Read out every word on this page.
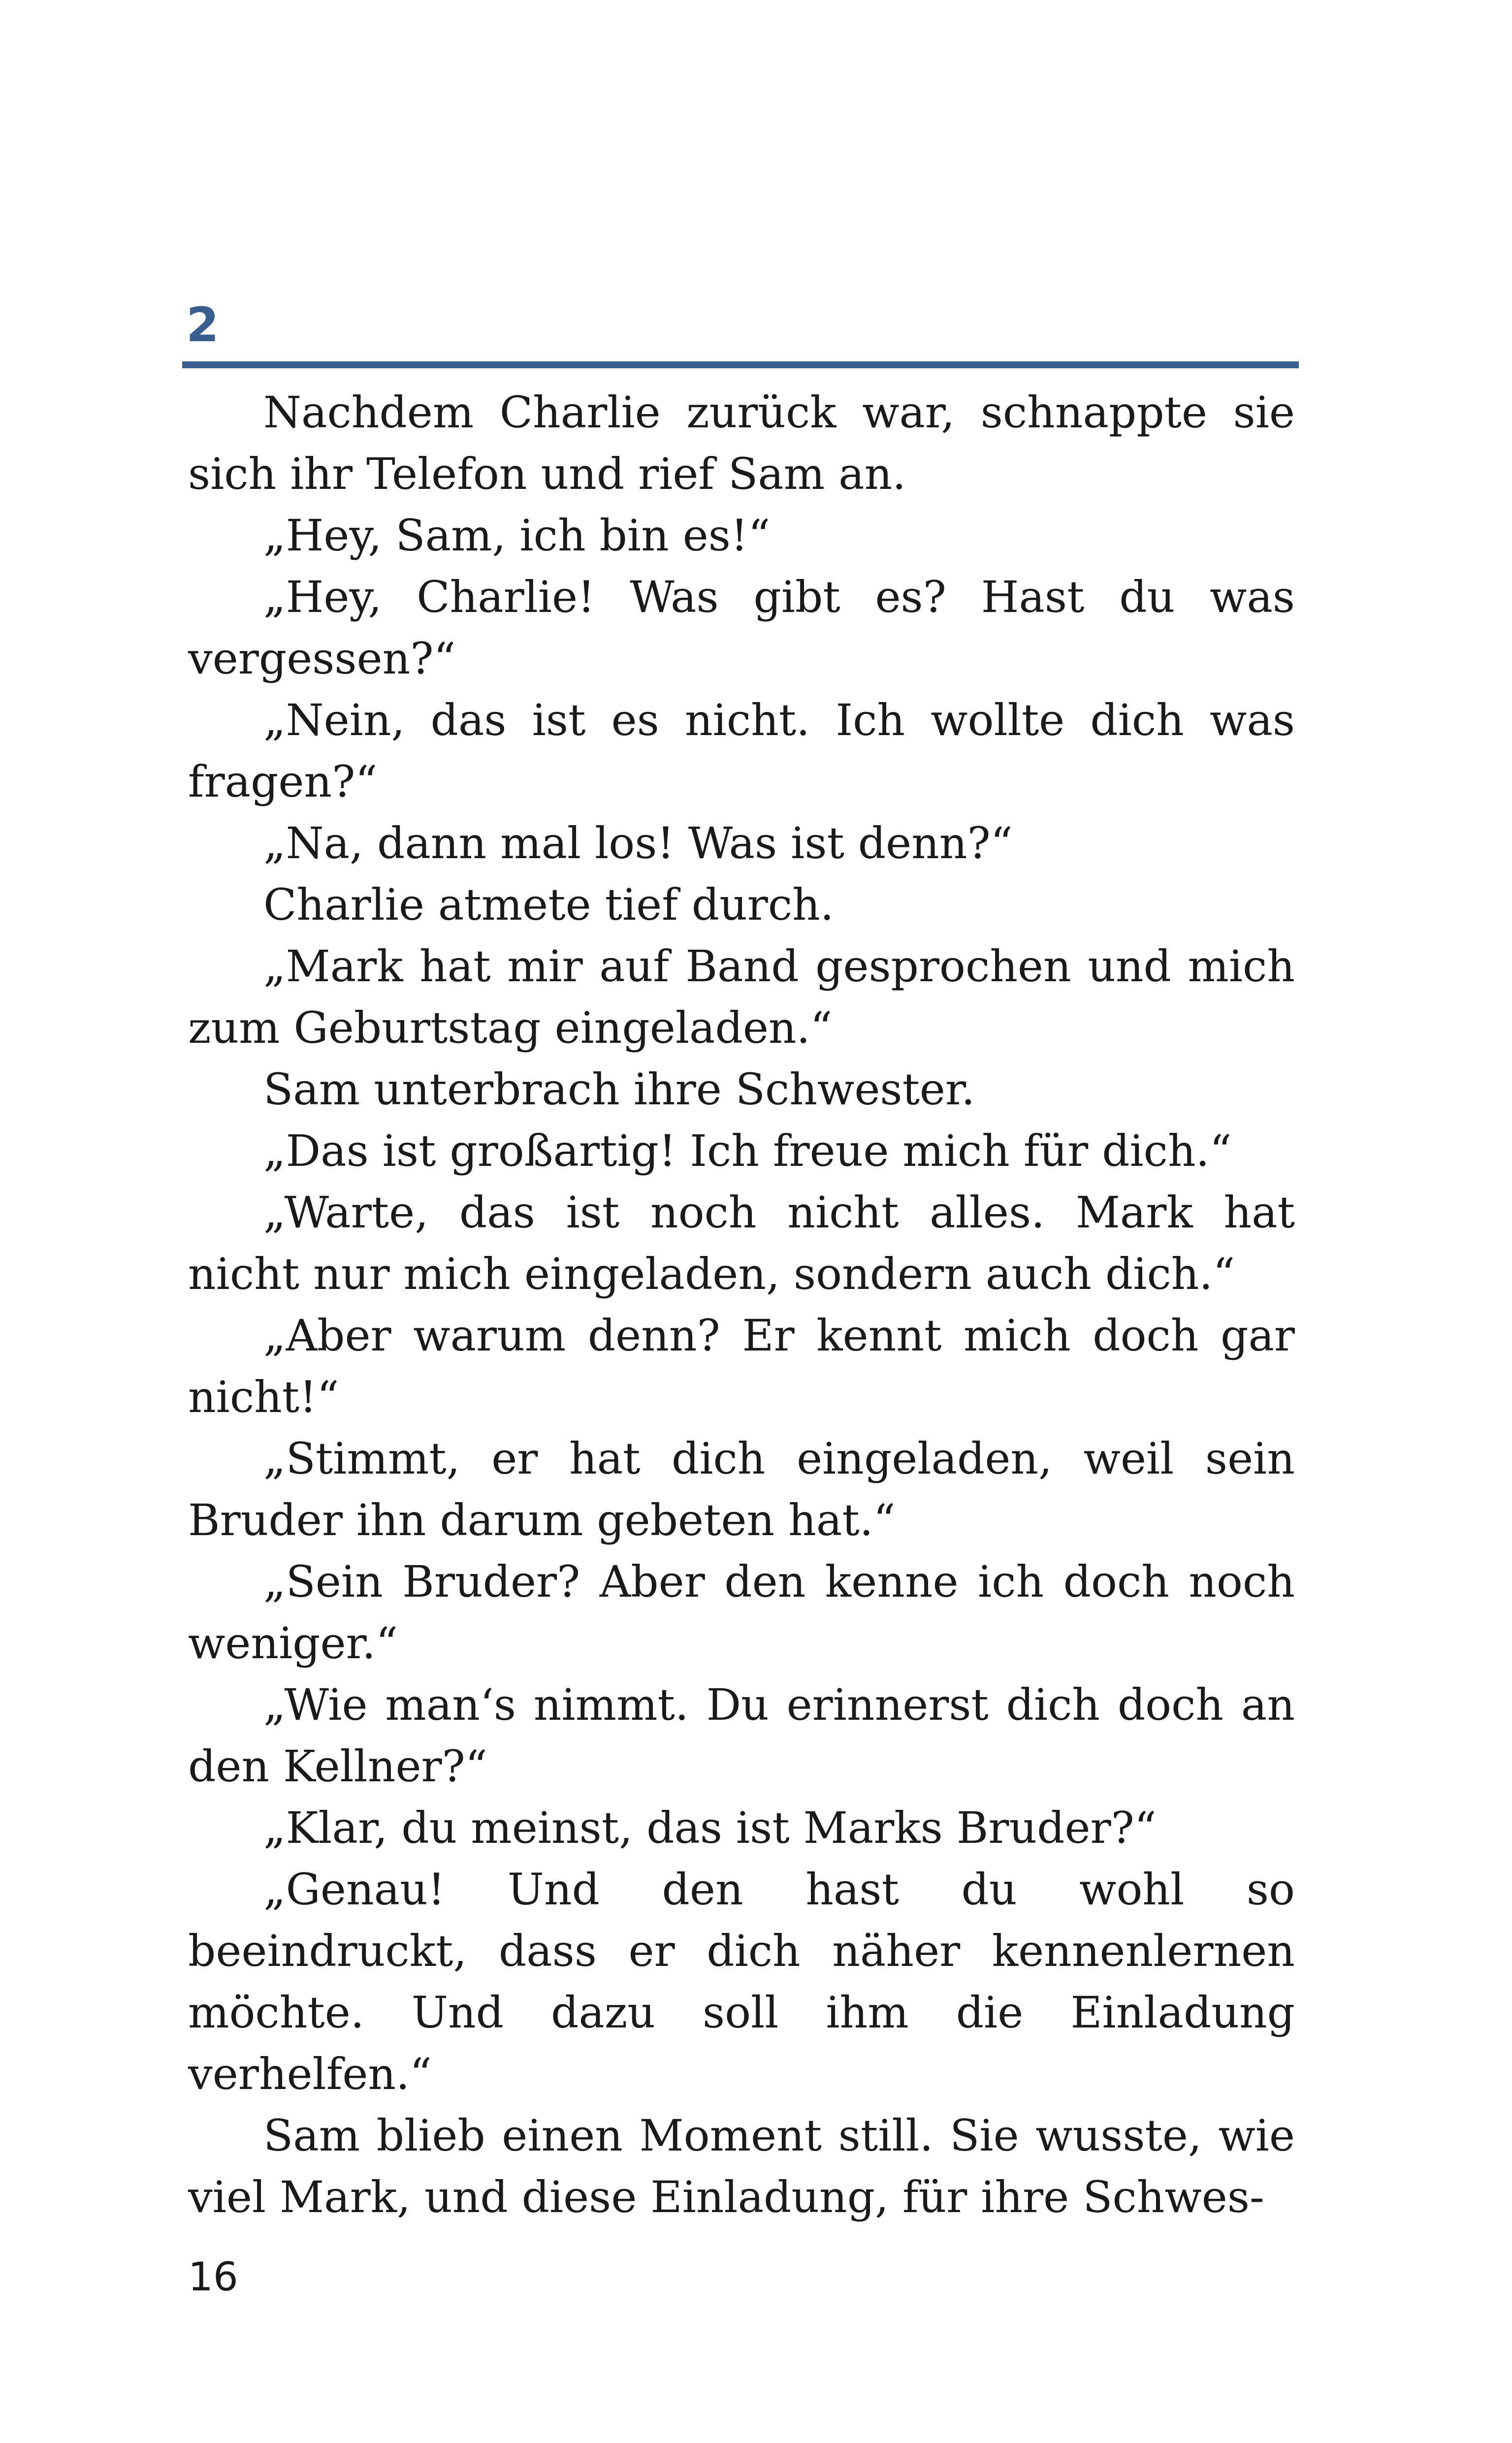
2

Nachdem Charlie zurück war, schnappte sie sich ihr Telefon und rief Sam an.

„Hey, Sam, ich bin es!“

„Hey, Charlie! Was gibt es? Hast du was vergessen?“

„Nein, das ist es nicht. Ich wollte dich was fragen?“

„Na, dann mal los! Was ist denn?“

Charlie atmete tief durch.

„Mark hat mir auf Band gesprochen und mich zum Geburtstag eingeladen.“

Sam unterbrach ihre Schwester.

„Das ist großartig! Ich freue mich für dich.“

„Warte, das ist noch nicht alles. Mark hat nicht nur mich eingeladen, sondern auch dich.“

„Aber warum denn? Er kennt mich doch gar nicht!“

„Stimmt, er hat dich eingeladen, weil sein Bruder ihn darum gebeten hat.“

„Sein Bruder? Aber den kenne ich doch noch weniger.“

„Wie man‘s nimmt. Du erinnerst dich doch an den Kellner?“

„Klar, du meinst, das ist Marks Bruder?“

„Genau! Und den hast du wohl so beeindruckt, dass er dich näher kennenlernen möchte. Und dazu soll ihm die Einladung verhelfen.“

Sam blieb einen Moment still. Sie wusste, wie viel Mark, und diese Einladung, für ihre Schwes-

16
